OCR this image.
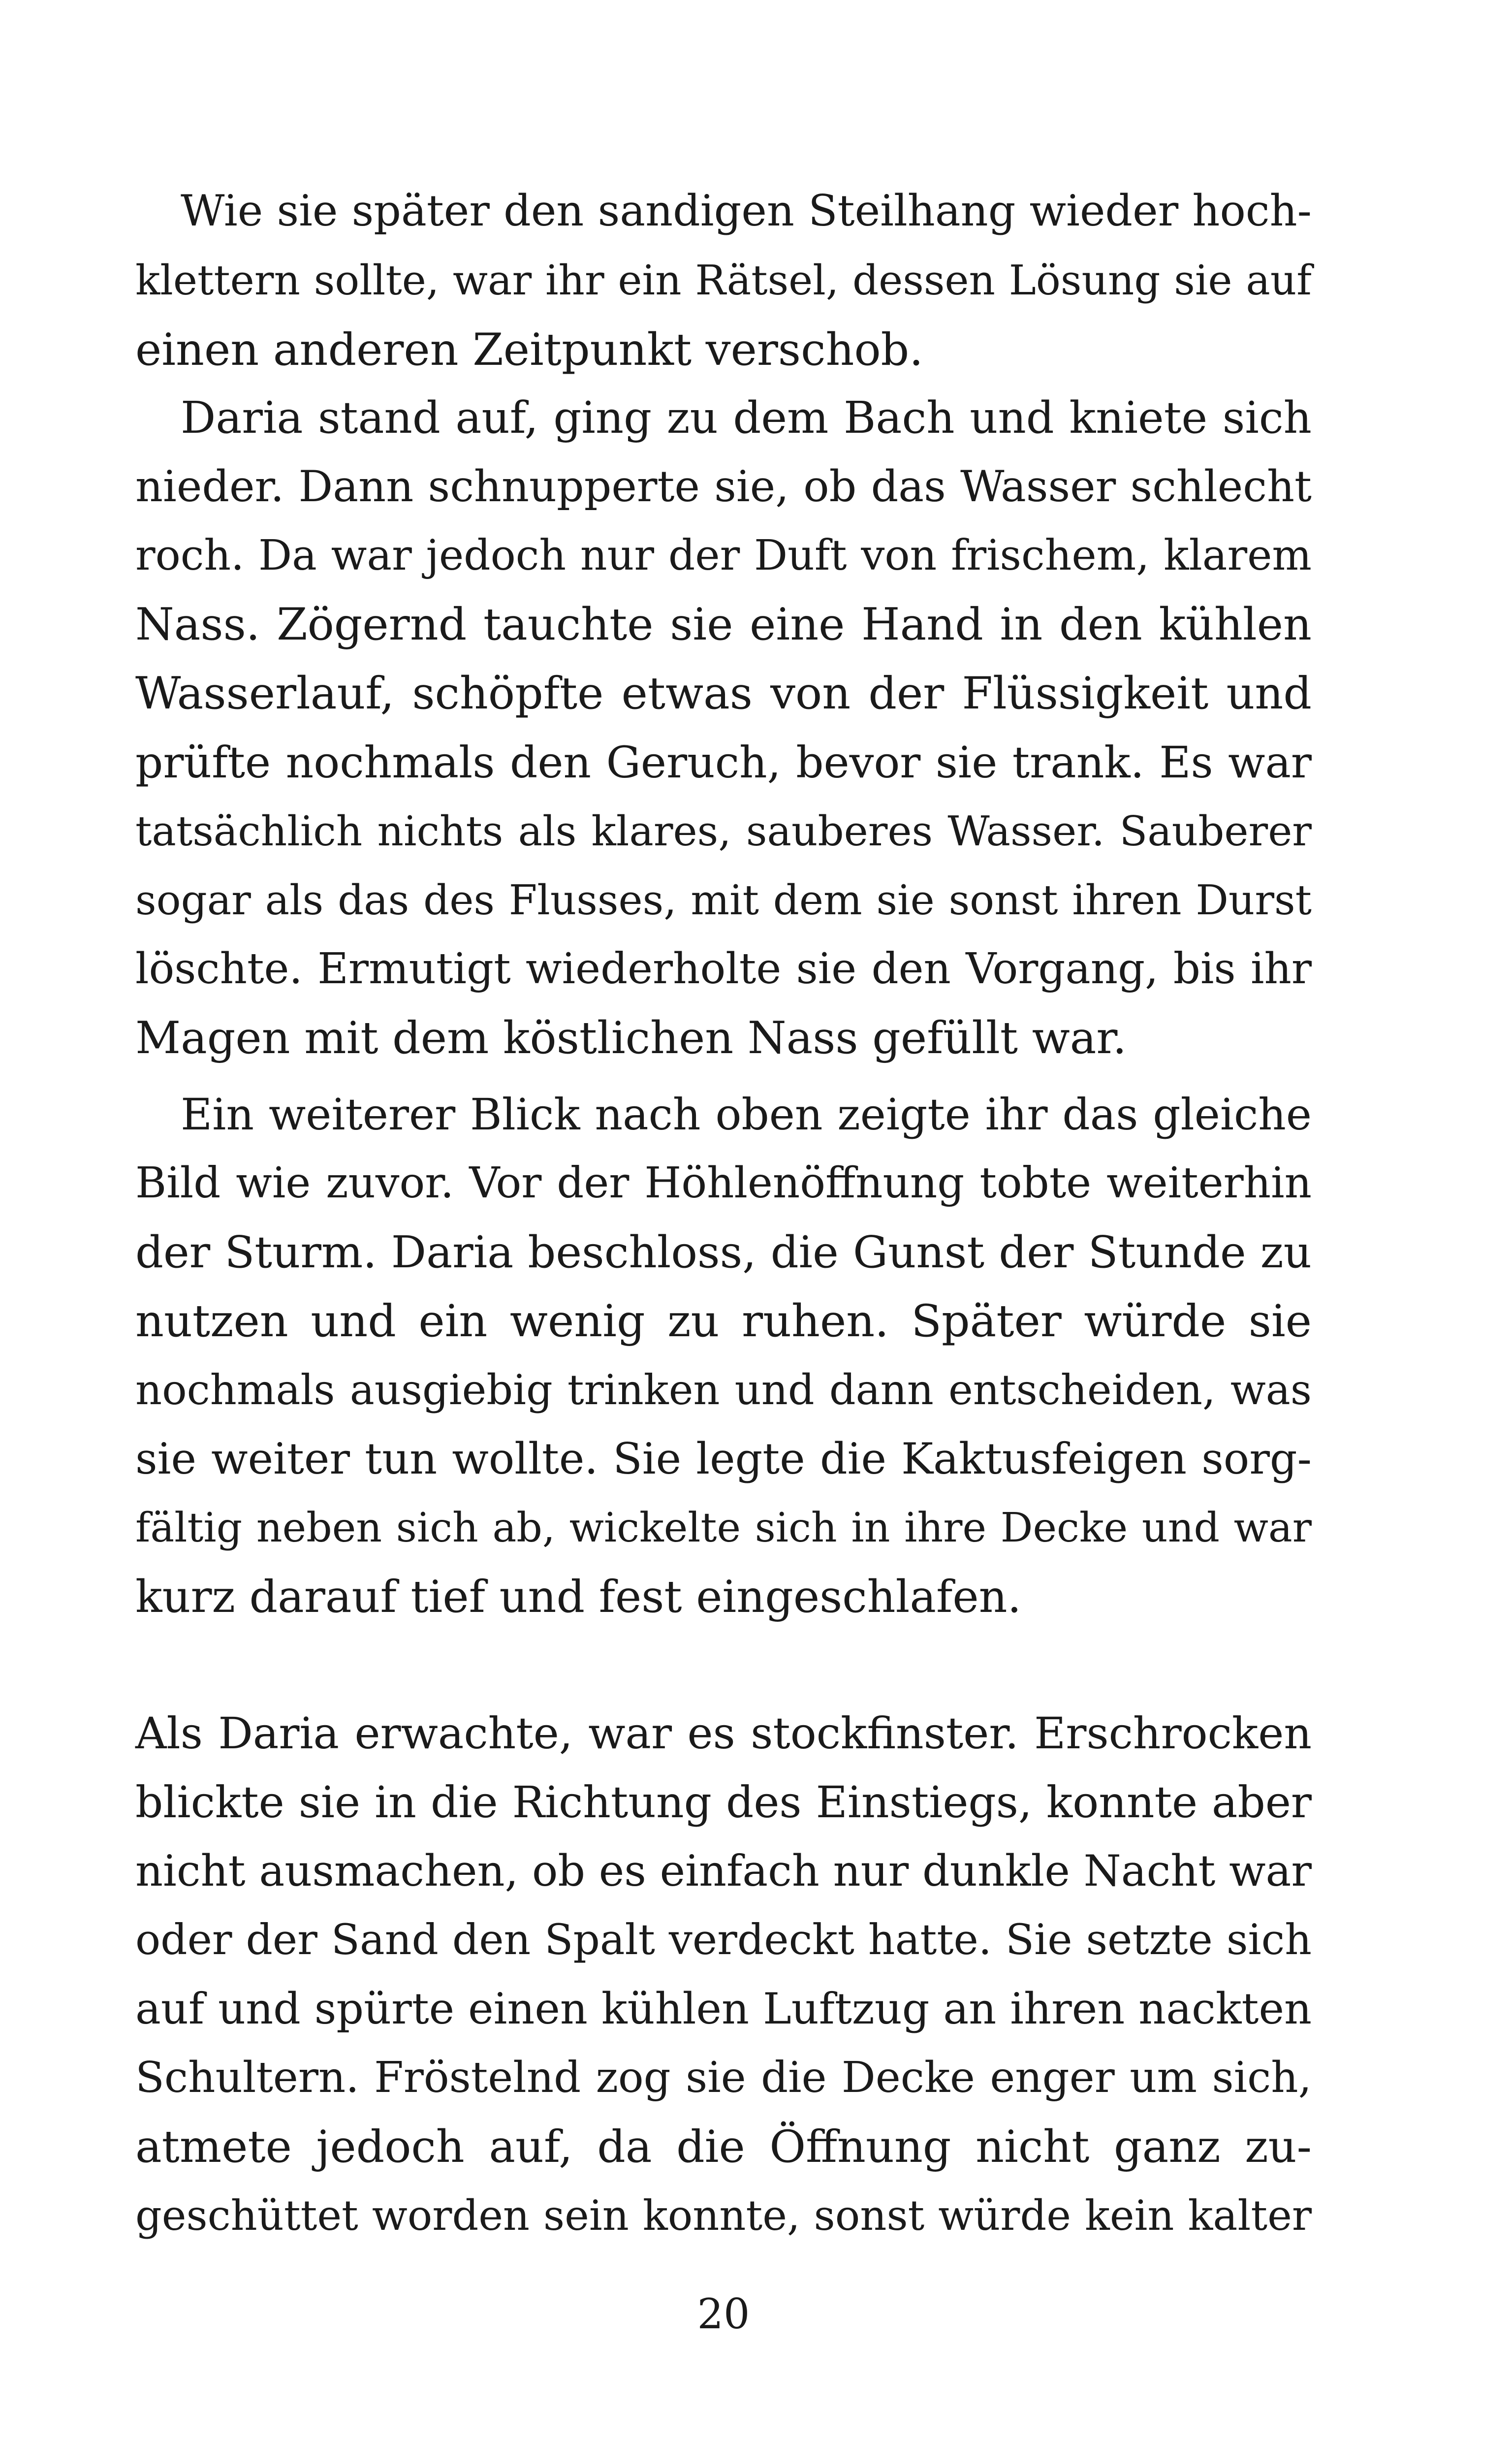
Wie sie später den sandigen Steilhang wieder hoch-

klettern sollte, war ihr ein Rätsel, dessen Lösung sie auf

einen anderen Zeitpunkt verschob.

Daria stand auf, ging zu dem Bach und kniete sich

nieder. Dann schnupperte sie, ob das Wasser schlecht

roch. Da war jedoch nur der Duft von frischem, klarem

Nass. Zögernd tauchte sie eine Hand in den kühlen

Wasserlauf, schöpfte etwas von der Flüssigkeit und

prüfte nochmals den Geruch, bevor sie trank. Es war

tatsächlich nichts als klares, sauberes Wasser. Sauberer

sogar als das des Flusses, mit dem sie sonst ihren Durst

löschte. Ermutigt wiederholte sie den Vorgang, bis ihr

Magen mit dem köstlichen Nass gefüllt war.

Ein weiterer Blick nach oben zeigte ihr das gleiche

Bild wie zuvor. Vor der Höhlenöffnung tobte weiterhin

der Sturm. Daria beschloss, die Gunst der Stunde zu

nutzen und ein wenig zu ruhen. Später würde sie

nochmals ausgiebig trinken und dann entscheiden, was

sie weiter tun wollte. Sie legte die Kaktusfeigen sorg-

fältig neben sich ab, wickelte sich in ihre Decke und war

kurz darauf tief und fest eingeschlafen.

Als Daria erwachte, war es stockfinster. Erschrocken

blickte sie in die Richtung des Einstiegs, konnte aber

nicht ausmachen, ob es einfach nur dunkle Nacht war

oder der Sand den Spalt verdeckt hatte. Sie setzte sich

auf und spürte einen kühlen Luftzug an ihren nackten

Schultern. Fröstelnd zog sie die Decke enger um sich,

atmete jedoch auf, da die Öffnung nicht ganz zu-

geschüttet worden sein konnte, sonst würde kein kalter

20
